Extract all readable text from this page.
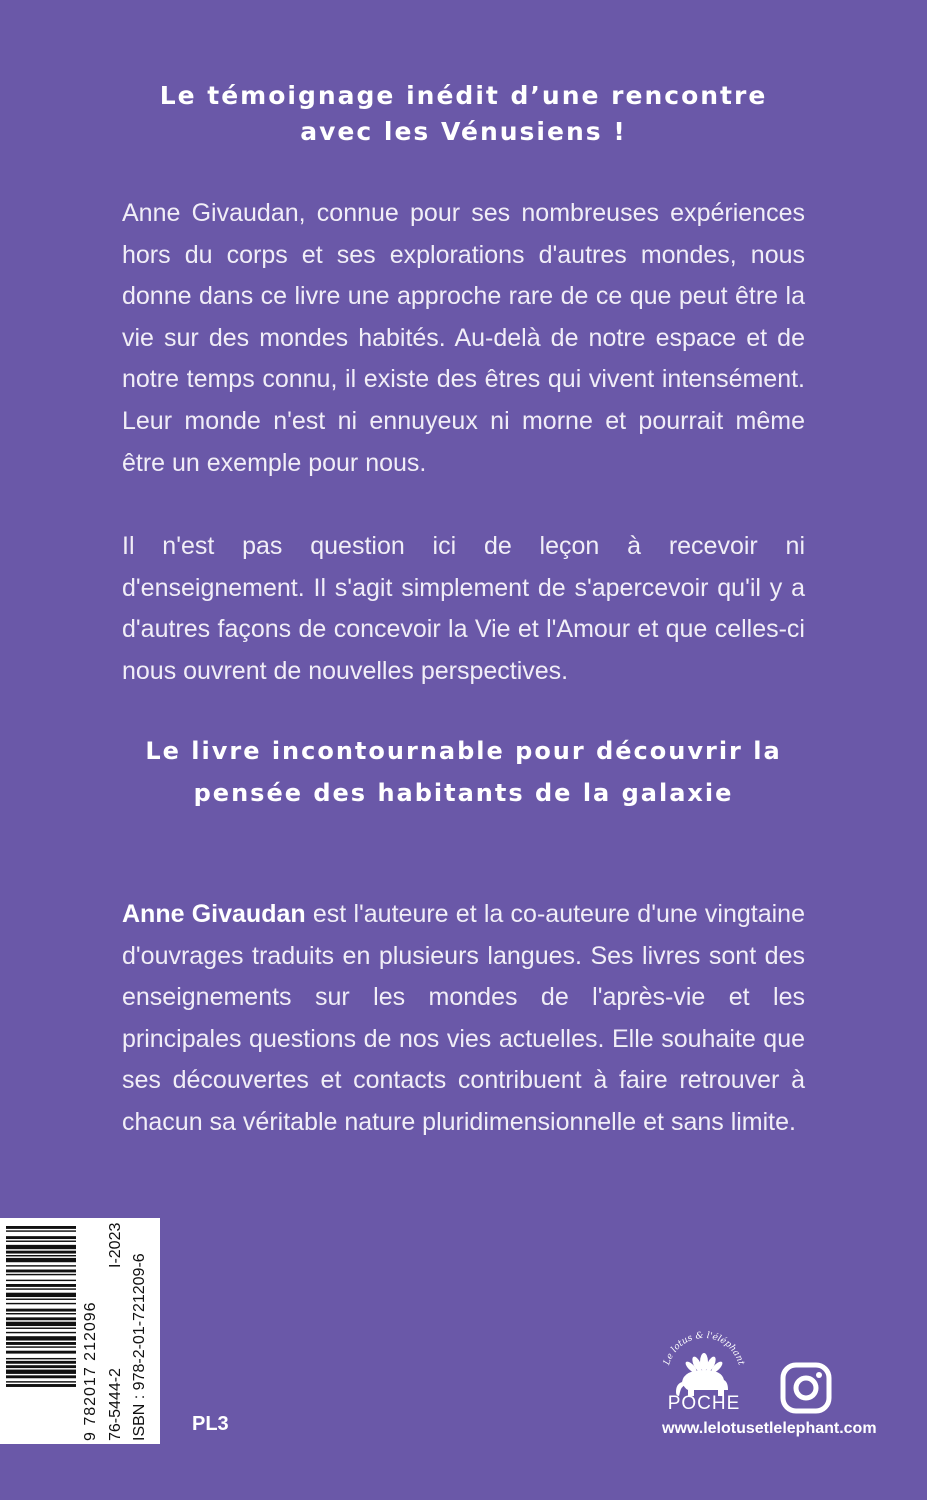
Le témoignage inédit d’une rencontre
avec les Vénusiens !

Anne Givaudan, connue pour ses nombreuses expériences hors du corps et ses explorations d'autres mondes, nous donne dans ce livre une approche rare de ce que peut être la vie sur des mondes habités. Au-delà de notre espace et de notre temps connu, il existe des êtres qui vivent intensément. Leur monde n'est ni ennuyeux ni morne et pourrait même être un exemple pour nous.

Il n'est pas question ici de leçon à recevoir ni d'enseignement. Il s'agit simplement de s'apercevoir qu'il y a d'autres façons de concevoir la Vie et l'Amour et que celles-ci nous ouvrent de nouvelles perspectives.

Le livre incontournable pour découvrir la
pensée des habitants de la galaxie

Anne Givaudan est l'auteure et la co-auteure d'une vingtaine d'ouvrages traduits en plusieurs langues. Ses livres sont des enseignements sur les mondes de l'après-vie et les principales questions de nos vies actuelles. Elle souhaite que ses découvertes et contacts contribuent à faire retrouver à chacun sa véritable nature pluridimensionnelle et sans limite.

9 782017 212096 76-5444-2
I-2023
ISBN : 978-2-01-721209-6 PL3
Le lotus & l'éléphant
POCHE
www.lelotusetlelephant.com
